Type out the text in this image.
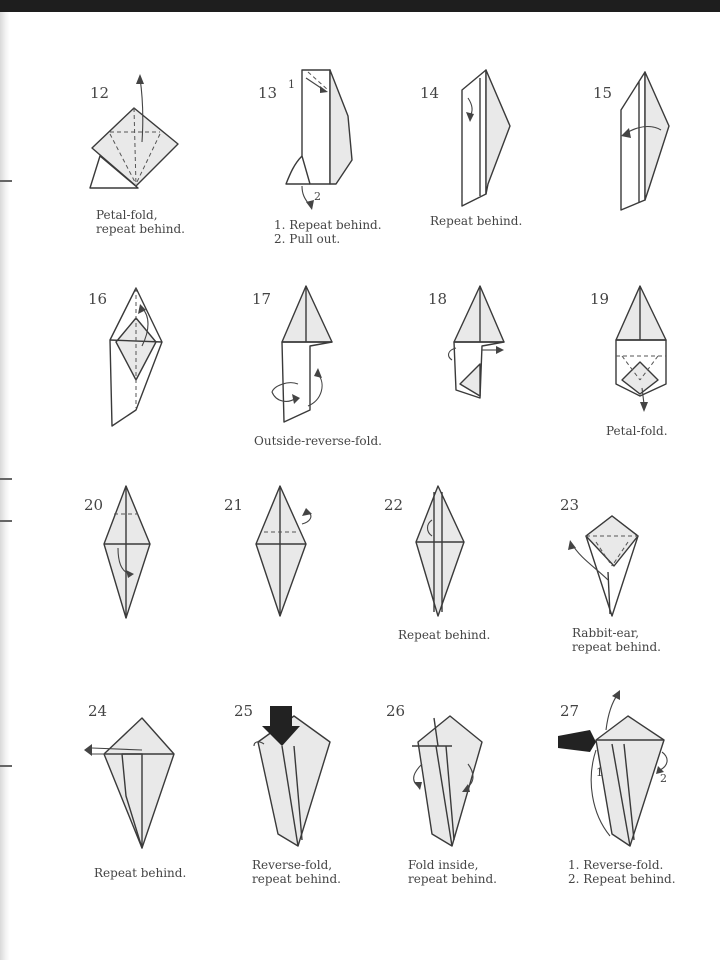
12
Petal-fold,
repeat behind.
13 1
2
1. Repeat behind.
2. Pull out.
14
Repeat behind.
15
16	17
Outside-reverse-fold.
18	19
Petal-fold.
20	21	22
Repeat behind.
23
Rabbit-ear,
repeat behind.
24
Repeat behind.
25
Reverse-fold,
repeat behind.
26
Fold inside,
repeat behind.
27
1	2
1. Reverse-fold.
2. Repeat behind.
